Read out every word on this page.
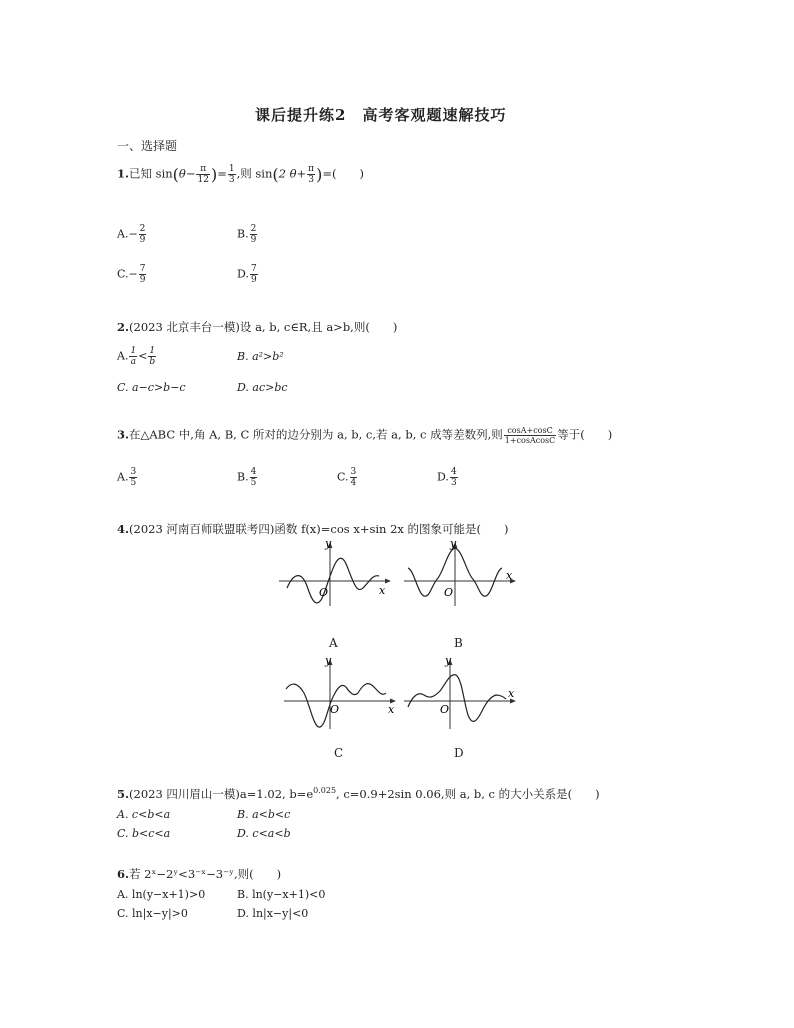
课后提升练2　高考客观题速解技巧
一、选择题
1.已知 $\sin(\theta- \frac{\pi}{12}$ )= $\frac{1}{3}$ ,则 sin(2 $\theta+ \frac{\pi}{3}$ )=(　　)
$A.- \frac{2}{9}$	B. $\frac{2}{9}$
$C.- \frac{7}{9}$	D. $\frac{7}{9}$
2.(2023 北京丰台一模)设 a, b, c∈R,且 a>b,则(　　)
A. $\frac{1}{a} < \frac{1}{b}$	B. a²>b²
C. a−c>b−c	D. ac>bc
3.在△ABC 中,角 A, B, C 所对的边分别为 a, b, c,若 a, b, c 成等差数列,则 $\frac{\cos A+\cos C}{\text{1+cosAcosC}}$ 等于(　　)
A. $\frac{3}{5}$	B. $\frac{4}{5}$	C. $\frac{3}{4}$	D. $\frac{4}{3}$
4.(2023 河南百师联盟联考四)函数 f(x)=cos x+sin 2x 的图象可能是(　　)
y
x
O
A
y
x
O
B
y
x
O
C
y
x
O
D
5.(2023 四川眉山一模)a=1.02, $b=e^{0.025}$, c=0.9+2sin 0.06,则 a, b, c 的大小关系是(　　)
A. c<b<a	B. a<b<c
C. b<c<a	D. c<a<b
6.若 2ˣ−2ʸ<3⁻ˣ−3⁻ʸ,则(　　)
A. ln(y−x+1)>0	B. ln(y−x+1)<0
C. ln|x−y|>0	D. ln|x−y|<0
